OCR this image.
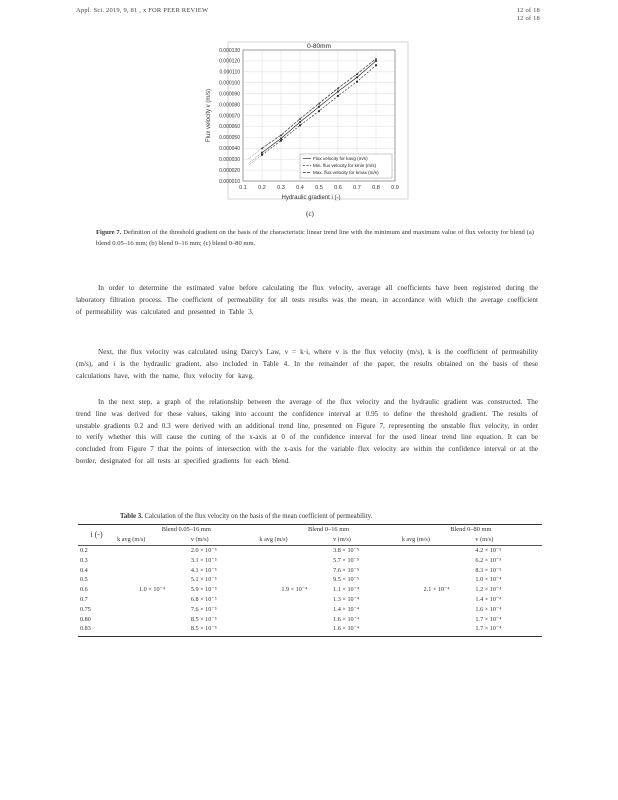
Appl. Sci. 2019, 9, 81 , x FOR PEER REVIEW	12 of 18
12 of 18
0.1 0.2 0.3 0.4 0.5 0.6 0.7 0.8 0.9
0.000130
0.000120
0.000110
0.000100
0.000090
0.000080
0.000070
0.000060
0.000050
0.000040
0.000030
0.000020
0.000010
0-80mm
Hydraulic gradient i (-)
Flux velocity v (m/s)
Flux velocity for kavg (m/s)
Min. flux velocity for kmin (m/s)
Max. flux velocity for kmax (m/s)
(c)
Figure 7. Definition of the threshold gradient on the basis of the characteristic linear trend line with the minimum and maximum value of flux velocity for blend (a) blend 0.05–16 mm; (b) blend 0–16 mm; (c) blend 0–80 mm.

In order to determine the estimated value before calculating the flux velocity, average all coefficients have been registered during the laboratory filtration process. The coefficient of permeability for all tests results was the mean, in accordance with which the average coefficient of permeability was calculated and presented in Table 3.

Next, the flux velocity was calculated using Darcy's Law, v = k·i, where v is the flux velocity (m/s), k is the coefficient of permeability (m/s), and i is the hydraulic gradient, also included in Table 4. In the remainder of the paper, the results obtained on the basis of these calculations have, with the name, flux velocity for kavg.

In the next step, a graph of the relationship between the average of the flux velocity and the hydraulic gradient was constructed. The trend line was derived for these values, taking into account the confidence interval at 0.95 to define the threshold gradient. The results of unstable gradients 0.2 and 0.3 were derived with an additional trend line, presented on Figure 7, representing the unstable flux velocity, in order to verify whether this will cause the cutting of the x-axis at 0 of the confidence interval for the used linear trend line equation. It can be concluded from Figure 7 that the points of intersection with the x-axis for the variable flux velocity are within the confidence interval or at the border, designated for all tests at specified gradients for each blend.

Table 3. Calculation of the flux velocity on the basis of the mean coefficient of permeability.
i (-)	Blend 0.05–16 mm		Blend 0–16 mm		Blend 0–80 mm	
	k avg (m/s)	v (m/s)	k avg (m/s)	v (m/s)	k avg (m/s)	v (m/s)
0.2	1.0 × 10⁻⁴	2.0 × 10⁻⁵	1.9 × 10⁻⁴	3.8 × 10⁻⁵	2.1 × 10⁻⁴	4.2 × 10⁻⁵
0.3		3.1 × 10⁻⁵		5.7 × 10⁻⁵		6.2 × 10⁻⁵
0.4		4.1 × 10⁻⁵		7.6 × 10⁻⁵		8.3 × 10⁻⁵
0.5		5.1 × 10⁻⁵		9.5 × 10⁻⁵		1.0 × 10⁻⁴
0.6		5.9 × 10⁻⁵		1.1 × 10⁻⁴		1.2 × 10⁻⁴
0.7		6.8 × 10⁻⁵		1.3 × 10⁻⁴		1.4 × 10⁻⁴
0.75		7.6 × 10⁻⁵		1.4 × 10⁻⁴		1.6 × 10⁻⁴
0.80		8.5 × 10⁻⁵		1.6 × 10⁻⁴		1.7 × 10⁻⁴
0.83		8.5 × 10⁻⁵		1.6 × 10⁻⁴		1.7 × 10⁻⁴
